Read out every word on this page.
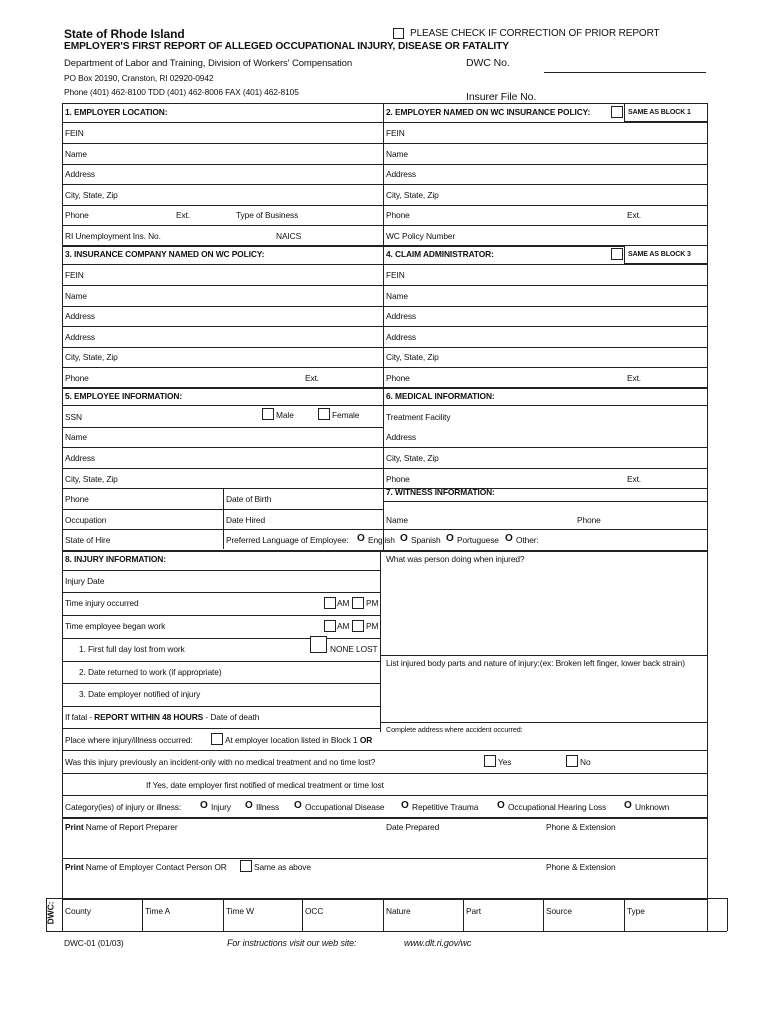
State of Rhode Island
EMPLOYER'S FIRST REPORT OF ALLEGED OCCUPATIONAL INJURY, DISEASE OR FATALITY
Department of Labor and Training, Division of Workers' Compensation
PO Box 20190, Cranston, RI 02920-0942
Phone (401) 462-8100 TDD (401) 462-8006 FAX (401) 462-8105
PLEASE CHECK IF CORRECTION OF PRIOR REPORT
DWC No.
Insurer File No.
1. EMPLOYER LOCATION:
FEIN
Name
Address
City, State, Zip
Phone	Ext.	Type of Business
RI Unemployment Ins. No.	NAICS
2. EMPLOYER NAMED ON WC INSURANCE POLICY:	SAME AS BLOCK 1
FEIN
Name
Address
City, State, Zip
Phone	Ext.
WC Policy Number
3. INSURANCE COMPANY NAMED ON WC POLICY:
FEIN
Name
Address
Address
City, State, Zip
Phone	Ext.
4. CLAIM ADMINISTRATOR:	SAME AS BLOCK 3
FEIN
Name
Address
Address
City, State, Zip
Phone	Ext.
5. EMPLOYEE INFORMATION:
SSN	Male	Female
Name
Address
City, State, Zip
Phone	Date of Birth
Occupation	Date Hired
State of Hire	Preferred Language of Employee: O English O Spanish O Portuguese O Other:
6. MEDICAL INFORMATION:
Treatment Facility
Address
City, State, Zip
Phone	Ext.
7. WITNESS INFORMATION:
Name	Phone
8. INJURY INFORMATION:
Injury Date
Time injury occurred	AM PM
Time employee began work	AM PM
1. First full day lost from work	NONE LOST
2. Date returned to work (if appropriate)
3. Date employer notified of injury
If fatal - REPORT WITHIN 48 HOURS - Date of death
Place where injury/illness occurred:	At employer location listed in Block 1 OR
What was person doing when injured?
List injured body parts and nature of injury:(ex: Broken left finger, lower back strain)
Complete address where accident occurred:
Was this injury previously an incident-only with no medical treatment and no time lost?	Yes	No
If Yes, date employer first notified of medical treatment or time lost
Category(ies) of injury or illness: O Injury O Illness O Occupational Disease O Repetitive Trauma O Occupational Hearing Loss O Unknown
Print Name of Report Preparer	Date Prepared	Phone & Extension
Print Name of Employer Contact Person OR	Same as above	Phone & Extension
DWC: County	Time A	Time W	OCC	Nature	Part	Source	Type
DWC-01 (01/03)	For instructions visit our web site:	www.dlt.ri.gov/wc
